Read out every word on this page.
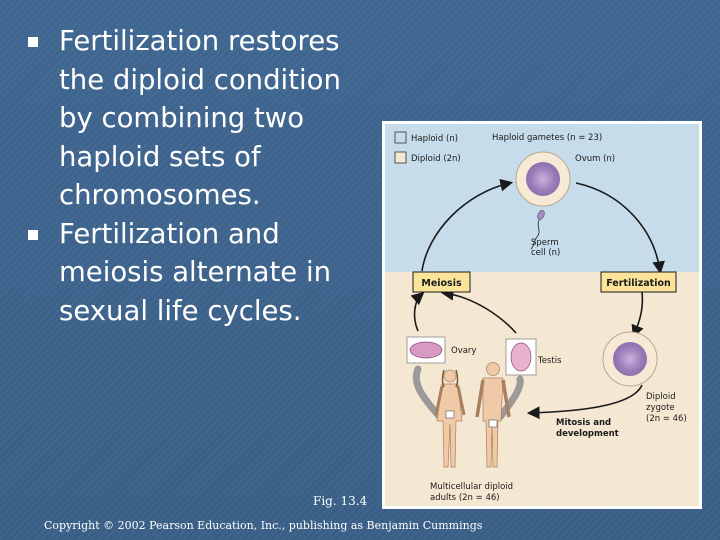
Fertilization restores the diploid condition by combining two haploid sets of chromosomes.
Fertilization and meiosis alternate in sexual life cycles.
Haploid (n)
Diploid (2n)
Haploid gametes (n = 23)
Ovum (n)
Sperm
cell (n)
Meiosis	Fertilization
Ovary
Testis
Diploid
zygote
(2n = 46)
Mitosis and
development
Multicellular diploid
adults (2n = 46)
Fig. 13.4
Copyright © 2002 Pearson Education, Inc., publishing as Benjamin Cummings
